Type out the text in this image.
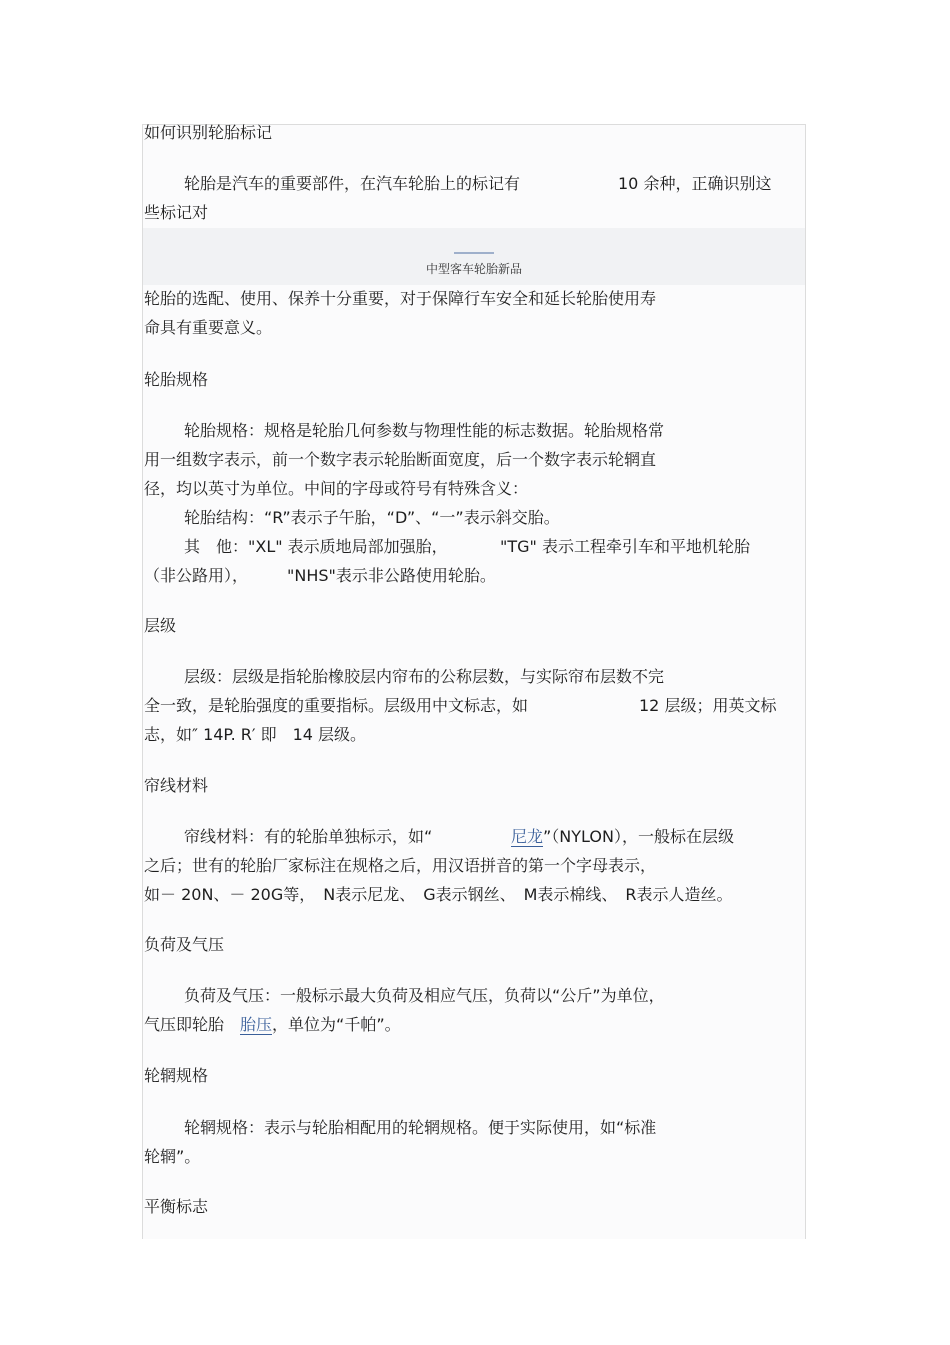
如何识别轮胎标记
轮胎是汽车的重要部件，在汽车轮胎上的标记有	10 余种，正确识别这
些标记对
中型客车轮胎新品
轮胎的选配、使用、保养十分重要，对于保障行车安全和延长轮胎使用寿
命具有重要意义。
轮胎规格
轮胎规格：规格是轮胎几何参数与物理性能的标志数据。轮胎规格常
用一组数字表示，前一个数字表示轮胎断面宽度，后一个数字表示轮辋直
径，均以英寸为单位。中间的字母或符号有特殊含义：
轮胎结构：“R”表示子午胎，“D”、“一”表示斜交胎。
其　他："XL" 表示质地局部加强胎，	"TG" 表示工程牵引车和平地机轮胎
（非公路用）， "NHS"表示非公路使用轮胎。
层级
层级：层级是指轮胎橡胶层内帘布的公称层数，与实际帘布层数不完
全一致，是轮胎强度的重要指标。层级用中文标志，如	12 层级；用英文标
志，如″ 14P. R′ 即　14 层级。
帘线材料
帘线材料：有的轮胎单独标示，如“	尼龙”（NYLON），一般标在层级
之后；世有的轮胎厂家标注在规格之后，用汉语拼音的第一个字母表示，
如－ 20N、－ 20G等，　N表示尼龙、　G表示钢丝、　M表示棉线、　R表示人造丝。
负荷及气压
负荷及气压：一般标示最大负荷及相应气压，负荷以“公斤”为单位，
气压即轮胎　 胎压，单位为“千帕”。
轮辋规格
轮辋规格：表示与轮胎相配用的轮辋规格。便于实际使用，如“标准
轮辋”。
平衡标志
